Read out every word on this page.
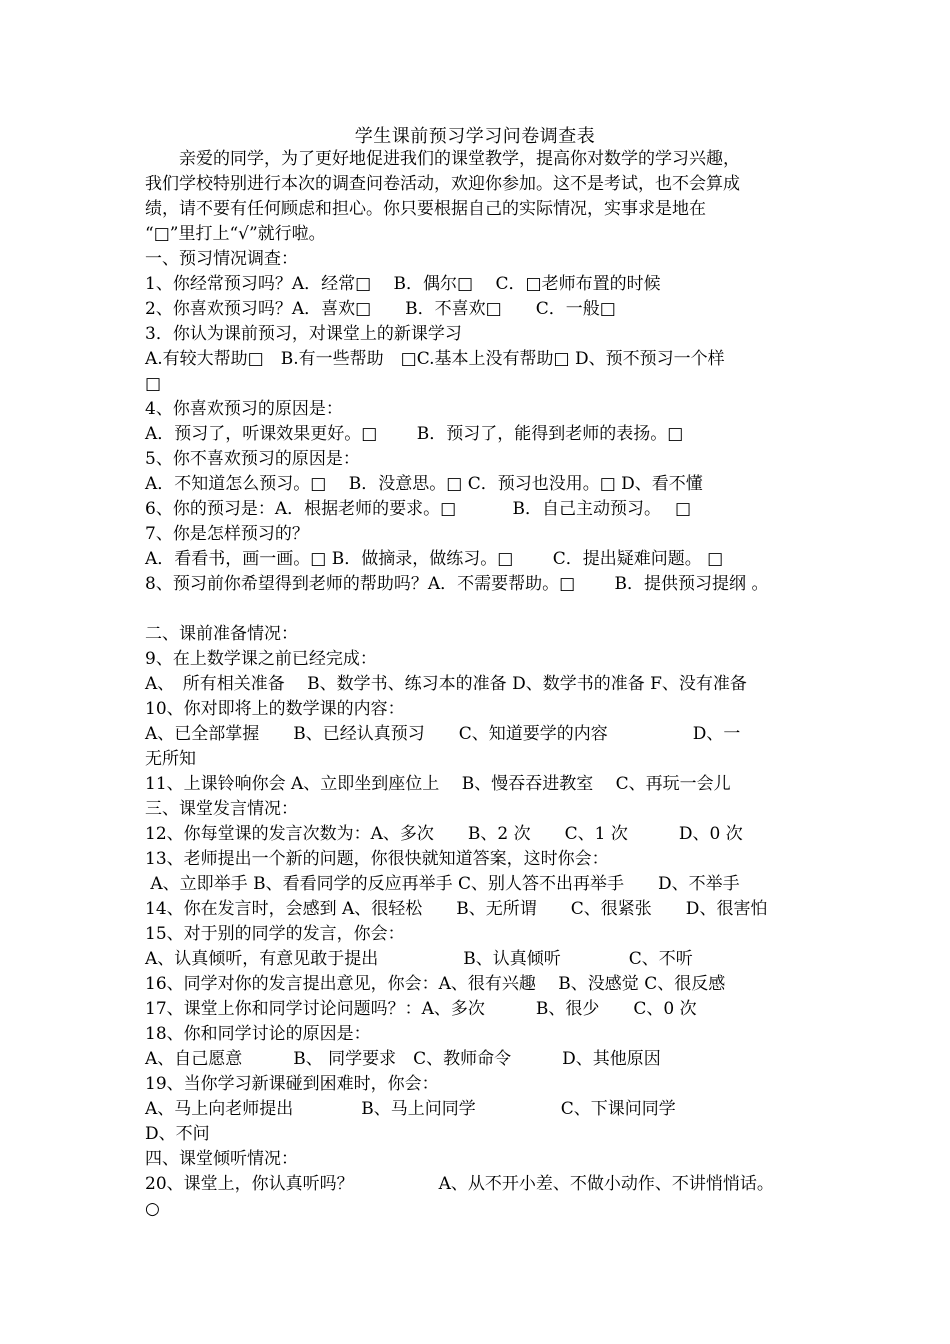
学生课前预习学习问卷调查表
　　亲爱的同学，为了更好地促进我们的课堂教学，提高你对数学的学习兴趣，
我们学校特别进行本次的调查问卷活动，欢迎你参加。这不是考试，也不会算成
绩，请不要有任何顾虑和担心。你只要根据自己的实际情况，实事求是地在
“□”里打上“√”就行啦。
一、预习情况调查：
1、你经常预习吗？A．经常□　 B．偶尔□　 C．□老师布置的时候
2、你喜欢预习吗？A．喜欢□　　B．不喜欢□　　C．一般□
3．你认为课前预习，对课堂上的新课学习
A.有较大帮助□　B.有一些帮助　□C.基本上没有帮助□ D、预不预习一个样
□
4、你喜欢预习的原因是：
A．预习了，听课效果更好。□　　 B．预习了，能得到老师的表扬。□
5、你不喜欢预习的原因是：
A．不知道怎么预习。□　 B．没意思。□ C．预习也没用。□ D、看不懂
6、你的预习是：A．根据老师的要求。□　　　 B．自己主动预习。　 □
7、你是怎样预习的？
A．看看书，画一画。□ B．做摘录，做练习。□　　 C．提出疑难问题。 □
8、预习前你希望得到老师的帮助吗？A．不需要帮助。□　　 B．提供预习提纲 。
二、课前准备情况：
9、在上数学课之前已经完成：
A、　所有相关准备　 B、数学书、练习本的准备 D、数学书的准备 F、没有准备
10、你对即将上的数学课的内容：
A、已全部掌握　　B、已经认真预习　　C、知道要学的内容　　　　　D、一
无所知
11、上课铃响你会 A、立即坐到座位上　 B、慢吞吞进教室　 C、再玩一会儿
三、课堂发言情况：
12、你每堂课的发言次数为：A、多次　　B、2 次　　C、1 次　　　D、0 次
13、老师提出一个新的问题，你很快就知道答案，这时你会：
A、立即举手 B、看看同学的反应再举手 C、别人答不出再举手　　D、不举手
14、你在发言时，会感到 A、很轻松　　B、无所谓　　C、很紧张　　D、很害怕
15、对于别的同学的发言，你会：
A、认真倾听，有意见敢于提出　　　　　B、认真倾听　　　　C、不听
16、同学对你的发言提出意见，你会：A、很有兴趣　 B、没感觉 C、很反感
17、课堂上你和同学讨论问题吗？：A、多次　　　B、很少　　C、0 次
18、你和同学讨论的原因是：
A、自己愿意　　　B、 同学要求　C、教师命令　　　D、其他原因
19、当你学习新课碰到困难时，你会：
A、马上向老师提出　　　　B、马上问同学　　　　　C、下课问同学
D、不问
四、课堂倾听情况：
20、课堂上，你认真听吗？　　　　　A、从不开小差、不做小动作、不讲悄悄话。
○
